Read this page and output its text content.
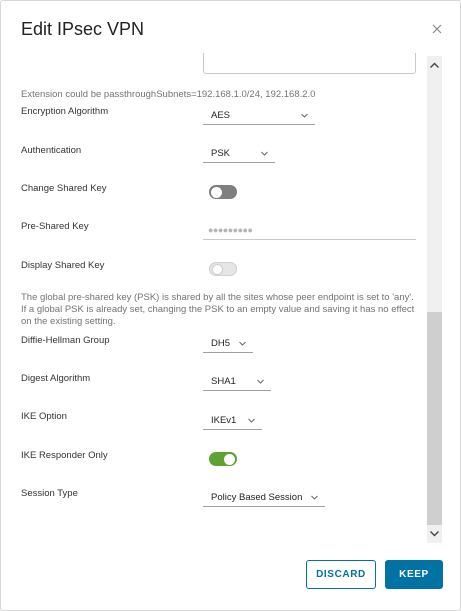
Edit IPsec VPN
Extension could be passthroughSubnets=192.168.1.0/24, 192.168.2.0
Encryption Algorithm	AES
Authentication	PSK
Change Shared Key
Pre-Shared Key	●●●●●●●●●
Display Shared Key
The global pre-shared key (PSK) is shared by all the sites whose peer endpoint is set to 'any'. If a global PSK is already set, changing the PSK to an empty value and saving it has no effect on the existing setting.
Diffie-Hellman Group	DH5
Digest Algorithm	SHA1
IKE Option	IKEv1
IKE Responder Only
Session Type	Policy Based Session
DISCARD	KEEP
